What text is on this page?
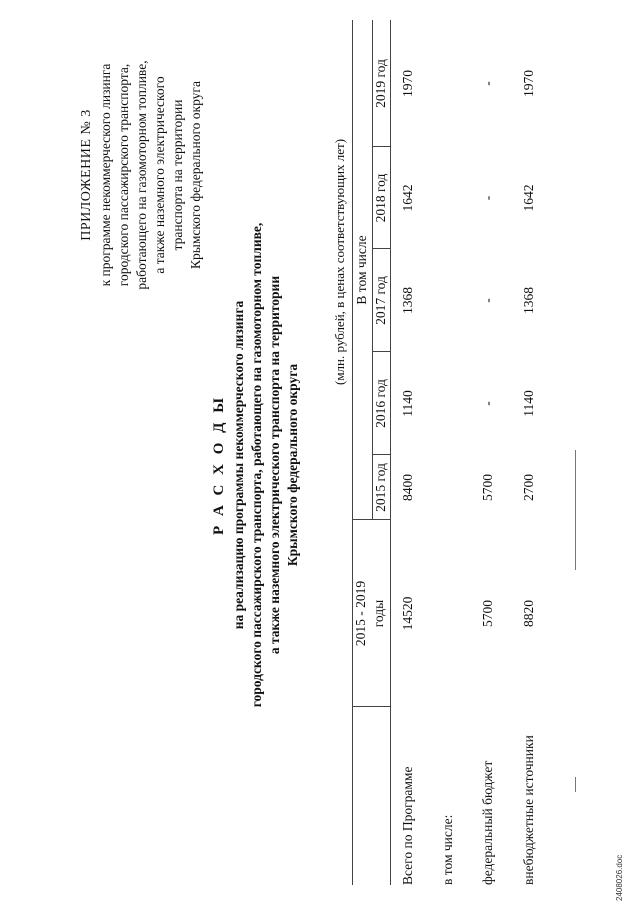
ПРИЛОЖЕНИЕ № 3 к программе некоммерческого лизинга городского пассажирского транспорта, работающего на газомоторном топливе, а также наземного электрического транспорта на территории Крымского федерального округа
Р А С Х О Д Ы на реализацию программы некоммерческого лизинга городского пассажирского транспорта, работающего на газомоторном топливе, а также наземного электрического транспорта на территории Крымского федерального округа
(млн. рублей, в ценах соответствующих лет)
2015 - 2019 годы
В том числе
2015 год
2016 год
2017 год
2018 год
2019 год
Всего по Программе
14520
8400
1140
1368
1642
1970
в том числе: федеральный бюджет
5700
5700
-
-
-
-
внебюджетные источники
8820
2700
1140
1368
1642
1970
2408026.doc
